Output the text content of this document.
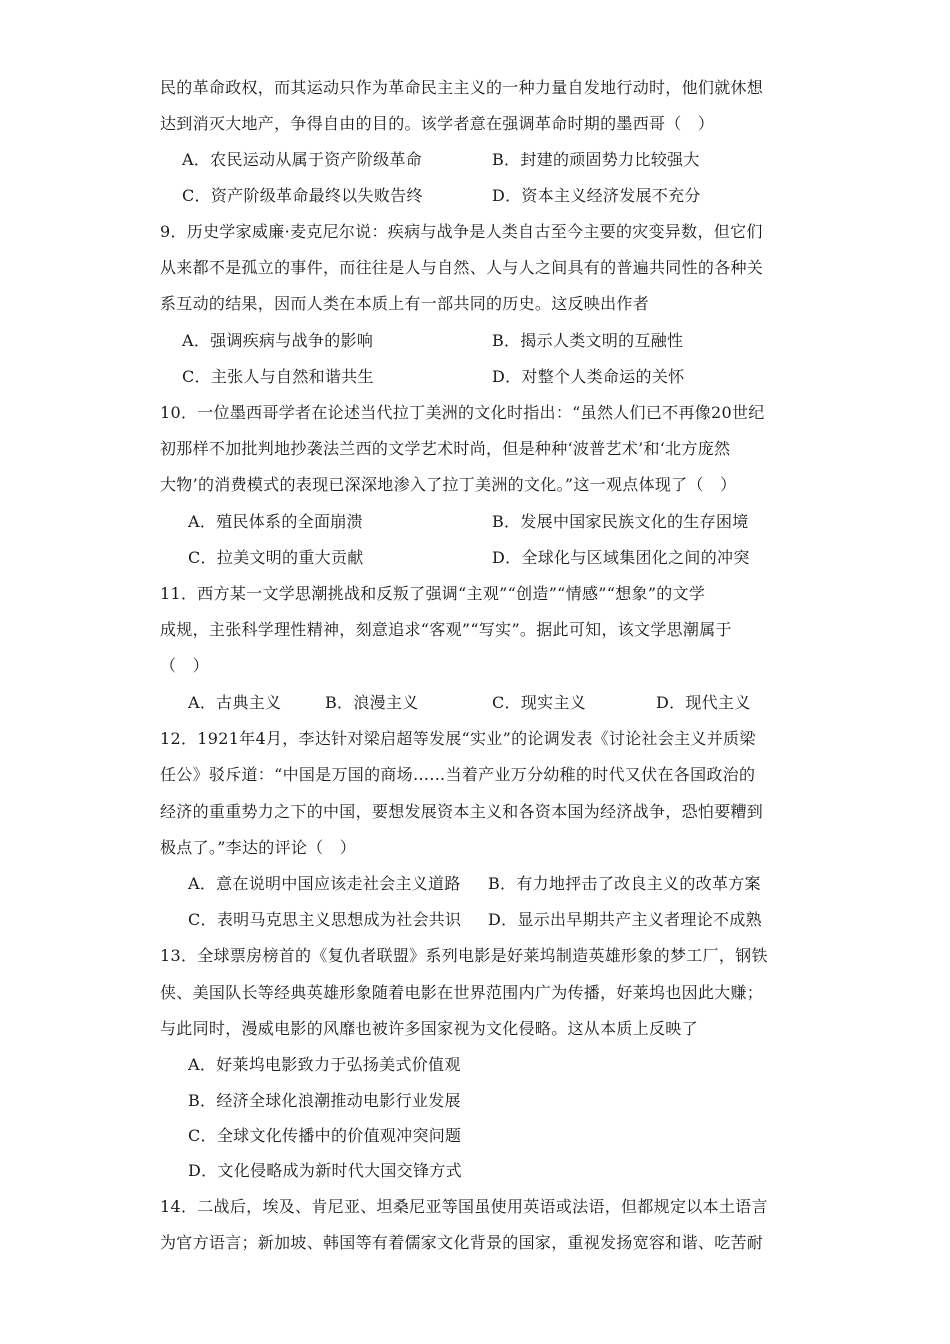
民的革命政权，而其运动只作为革命民主主义的一种力量自发地行动时，他们就休想
达到消灭大地产，争得自由的目的。该学者意在强调革命时期的墨西哥（　）
A．农民运动从属于资产阶级革命	B．封建的顽固势力比较强大
C．资产阶级革命最终以失败告终	D．资本主义经济发展不充分
9．历史学家威廉·麦克尼尔说：疾病与战争是人类自古至今主要的灾变异数，但它们
从来都不是孤立的事件，而往往是人与自然、人与人之间具有的普遍共同性的各种关
系互动的结果，因而人类在本质上有一部共同的历史。这反映出作者
A．强调疾病与战争的影响	B．揭示人类文明的互融性
C．主张人与自然和谐共生	D．对整个人类命运的关怀
10．一位墨西哥学者在论述当代拉丁美洲的文化时指出：“虽然人们已不再像20世纪
初那样不加批判地抄袭法兰西的文学艺术时尚，但是种种‘波普艺术’和‘北方庞然
大物’的消费模式的表现已深深地渗入了拉丁美洲的文化。”这一观点体现了（　）
A．殖民体系的全面崩溃	B．发展中国家民族文化的生存困境
C．拉美文明的重大贡献	D．全球化与区域集团化之间的冲突
11．西方某一文学思潮挑战和反叛了强调“主观”“创造”“情感”“想象”的文学
成规，主张科学理性精神，刻意追求“客观”“写实”。据此可知，该文学思潮属于
（　）
A．古典主义	B．浪漫主义	C．现实主义	D．现代主义
12．1921年4月，李达针对梁启超等发展“实业”的论调发表《讨论社会主义并质梁
任公》驳斥道：“中国是万国的商场……当着产业万分幼稚的时代又伏在各国政治的
经济的重重势力之下的中国，要想发展资本主义和各资本国为经济战争，恐怕要糟到
极点了。”李达的评论（　）
A．意在说明中国应该走社会主义道路 B．有力地抨击了改良主义的改革方案
C．表明马克思主义思想成为社会共识 D．显示出早期共产主义者理论不成熟
13．全球票房榜首的《复仇者联盟》系列电影是好莱坞制造英雄形象的梦工厂，钢铁
侠、美国队长等经典英雄形象随着电影在世界范围内广为传播，好莱坞也因此大赚；
与此同时，漫威电影的风靡也被许多国家视为文化侵略。这从本质上反映了
A．好莱坞电影致力于弘扬美式价值观
B．经济全球化浪潮推动电影行业发展
C．全球文化传播中的价值观冲突问题
D．文化侵略成为新时代大国交锋方式
14．二战后，埃及、肯尼亚、坦桑尼亚等国虽使用英语或法语，但都规定以本土语言
为官方语言；新加坡、韩国等有着儒家文化背景的国家，重视发扬宽容和谐、吃苦耐
